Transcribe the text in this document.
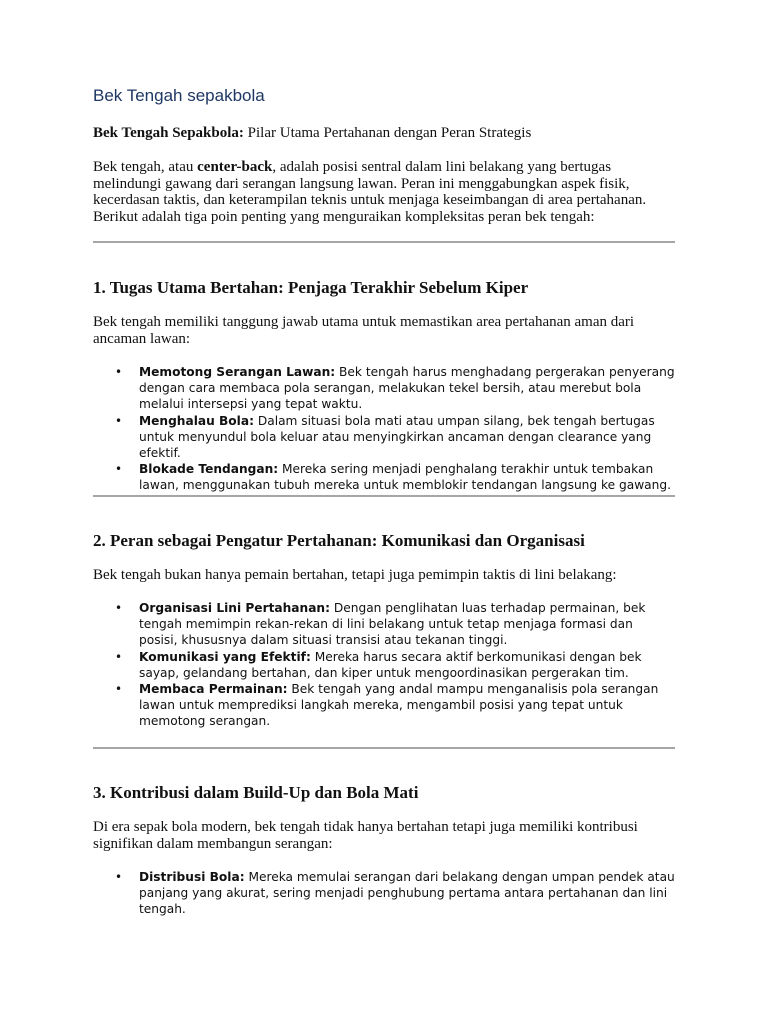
Bek Tengah sepakbola

Bek Tengah Sepakbola: Pilar Utama Pertahanan dengan Peran Strategis

Bek tengah, atau center-back, adalah posisi sentral dalam lini belakang yang bertugas melindungi gawang dari serangan langsung lawan. Peran ini menggabungkan aspek fisik, kecerdasan taktis, dan keterampilan teknis untuk menjaga keseimbangan di area pertahanan. Berikut adalah tiga poin penting yang menguraikan kompleksitas peran bek tengah:

1. Tugas Utama Bertahan: Penjaga Terakhir Sebelum Kiper

Bek tengah memiliki tanggung jawab utama untuk memastikan area pertahanan aman dari ancaman lawan:

• Memotong Serangan Lawan: Bek tengah harus menghadang pergerakan penyerang dengan cara membaca pola serangan, melakukan tekel bersih, atau merebut bola melalui intersepsi yang tepat waktu.
• Menghalau Bola: Dalam situasi bola mati atau umpan silang, bek tengah bertugas untuk menyundul bola keluar atau menyingkirkan ancaman dengan clearance yang efektif.
• Blokade Tendangan: Mereka sering menjadi penghalang terakhir untuk tembakan lawan, menggunakan tubuh mereka untuk memblokir tendangan langsung ke gawang.
2. Peran sebagai Pengatur Pertahanan: Komunikasi dan Organisasi

Bek tengah bukan hanya pemain bertahan, tetapi juga pemimpin taktis di lini belakang:

• Organisasi Lini Pertahanan: Dengan penglihatan luas terhadap permainan, bek tengah memimpin rekan-rekan di lini belakang untuk tetap menjaga formasi dan posisi, khususnya dalam situasi transisi atau tekanan tinggi.
• Komunikasi yang Efektif: Mereka harus secara aktif berkomunikasi dengan bek sayap, gelandang bertahan, dan kiper untuk mengoordinasikan pergerakan tim.
• Membaca Permainan: Bek tengah yang andal mampu menganalisis pola serangan lawan untuk memprediksi langkah mereka, mengambil posisi yang tepat untuk memotong serangan.
3. Kontribusi dalam Build-Up dan Bola Mati

Di era sepak bola modern, bek tengah tidak hanya bertahan tetapi juga memiliki kontribusi signifikan dalam membangun serangan:

• Distribusi Bola: Mereka memulai serangan dari belakang dengan umpan pendek atau panjang yang akurat, sering menjadi penghubung pertama antara pertahanan dan lini tengah.
